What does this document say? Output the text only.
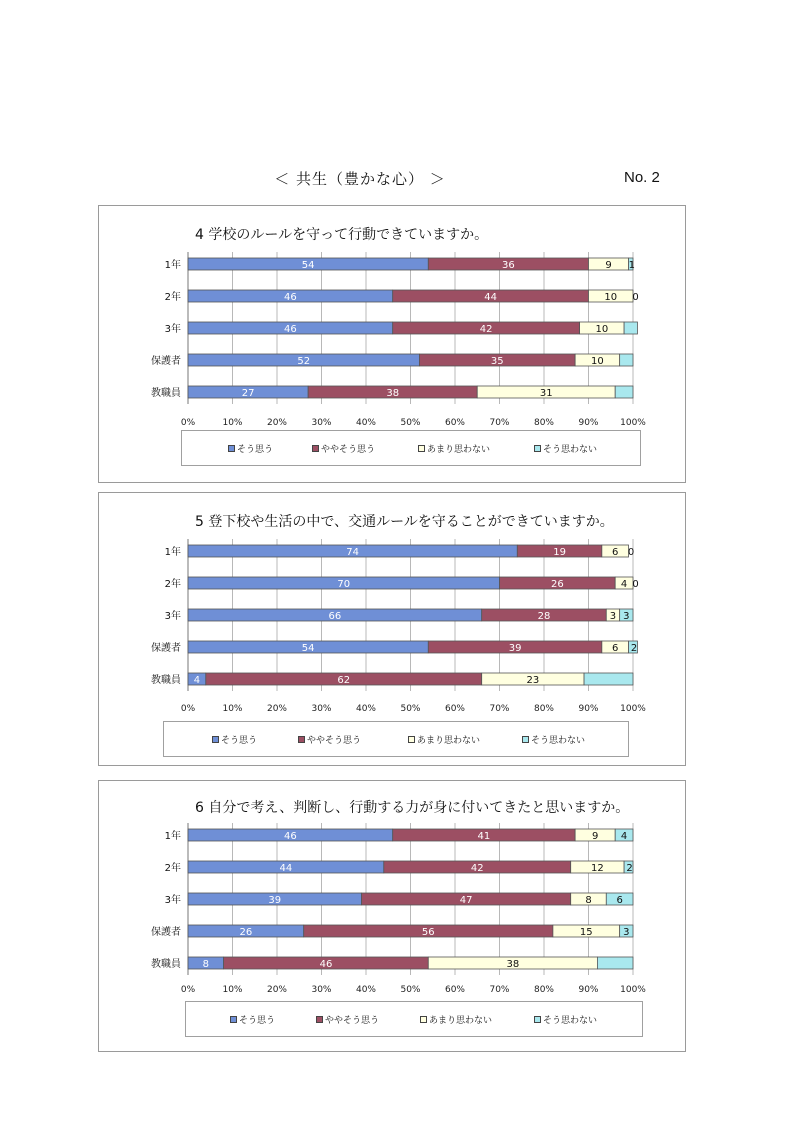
＜ 共生（豊かな心） ＞	No. 2
4 学校のルールを守って行動できていますか。
0%	10%	20%	30%	40%	50%	60%	70%	80%	90% 100%
1年	54	36	9 1
2年	46	44	10 0
3年	46	42	10
保護者	52	35	10
教職員	27	38	31
そう思う	ややそう思う	あまり思わない	そう思わない
5 登下校や生活の中で、交通ルールを守ることができていますか。
0%	10%	20%	30%	40%	50%	60%	70%	80%	90% 100%
1年	74	19	6 0
2年	70	26	4 0
3年	66	28	3 3
保護者	54	39	6 2
教職員 4	62	23
そう思う	ややそう思う	あまり思わない	そう思わない
6 自分で考え、判断し、行動する力が身に付いてきたと思いますか。
0%	10%	20%	30%	40%	50%	60%	70%	80%	90% 100%
1年	46	41	9 4
2年	44	42	12 2
3年	39	47	8 6
保護者	26	56	15	3
教職員 8	46	38
そう思う	ややそう思う	あまり思わない	そう思わない
